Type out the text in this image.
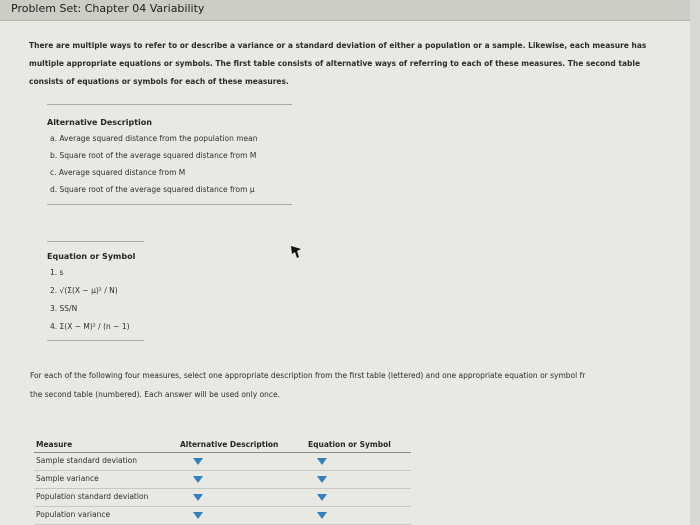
Problem Set: Chapter 04 Variability
There are multiple ways to refer to or describe a variance or a standard deviation of either a population or a sample. Likewise, each measure has
multiple appropriate equations or symbols. The first table consists of alternative ways of referring to each of these measures. The second table
consists of equations or symbols for each of these measures.
Alternative Description
a. Average squared distance from the population mean
b. Square root of the average squared distance from M
c. Average squared distance from M
d. Square root of the average squared distance from μ
Equation or Symbol
1. s
2. √(Σ(X − μ)² / N)
3. SS/N
4. Σ(X − M)² / (n − 1)
For each of the following four measures, select one appropriate description from the first table (lettered) and one appropriate equation or symbol fr
the second table (numbered). Each answer will be used only once.
Measure	Alternative Description	Equation or Symbol
Sample standard deviation
Sample variance
Population standard deviation
Population variance
